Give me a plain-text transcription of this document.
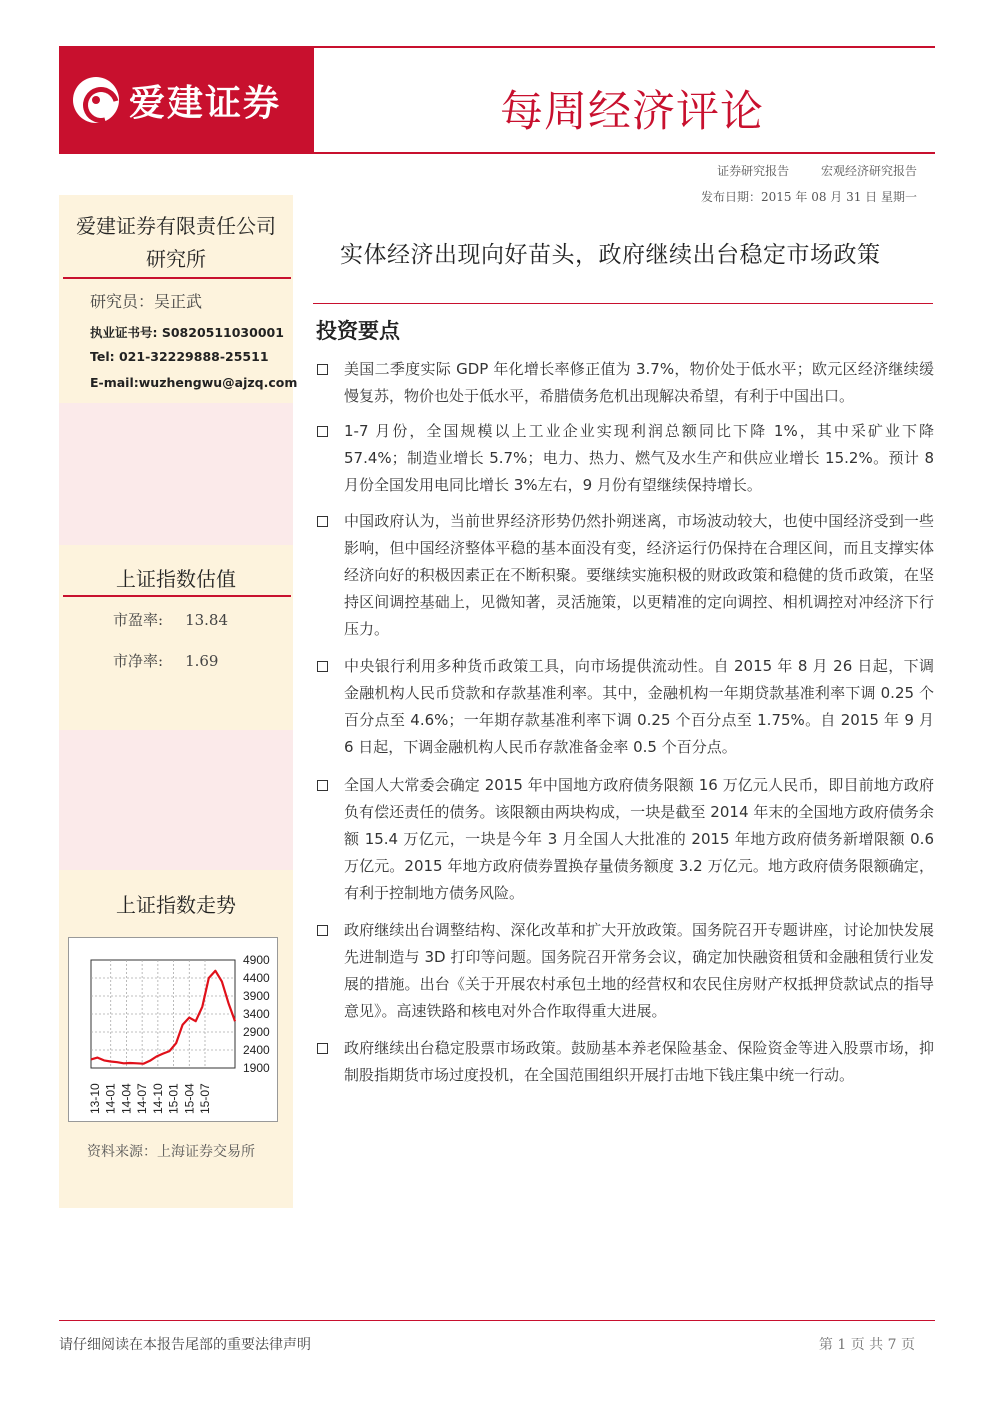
爱建证券	每周经济评论
证券研究报告	宏观经济研究报告
发布日期：2015 年 08 月 31 日 星期一
爱建证券有限责任公司
研究所
研究员：吴正武
执业证书号: S0820511030001
Tel: 021-32229888-25511
E-mail:wuzhengwu@ajzq.com
上证指数估值
市盈率: 13.84
市净率: 1.69
上证指数走势
4900
4400
3900
3400
2900
2400
1900
13-10 14-01 14-04 14-07 14-10 15-01 15-04 15-07
资料来源：上海证券交易所
实体经济出现向好苗头，政府继续出台稳定市场政策
投资要点

美国二季度实际 GDP 年化增长率修正值为 3.7%，物价处于低水平；欧元区经济继续缓慢复苏，物价也处于低水平，希腊债务危机出现解决希望，有利于中国出口。

1-7 月份，全国规模以上工业企业实现利润总额同比下降 1%，其中采矿业下降 57.4%；制造业增长 5.7%；电力、热力、燃气及水生产和供应业增长 15.2%。预计 8 月份全国发用电同比增长 3%左右，9 月份有望继续保持增长。

中国政府认为，当前世界经济形势仍然扑朔迷离，市场波动较大，也使中国经济受到一些影响，但中国经济整体平稳的基本面没有变，经济运行仍保持在合理区间，而且支撑实体经济向好的积极因素正在不断积聚。要继续实施积极的财政政策和稳健的货币政策，在坚持区间调控基础上，见微知著，灵活施策，以更精准的定向调控、相机调控对冲经济下行压力。

中央银行利用多种货币政策工具，向市场提供流动性。自 2015 年 8 月 26 日起，下调金融机构人民币贷款和存款基准利率。其中，金融机构一年期贷款基准利率下调 0.25 个百分点至 4.6%；一年期存款基准利率下调 0.25 个百分点至 1.75%。自 2015 年 9 月 6 日起，下调金融机构人民币存款准备金率 0.5 个百分点。

全国人大常委会确定 2015 年中国地方政府债务限额 16 万亿元人民币，即目前地方政府负有偿还责任的债务。该限额由两块构成，一块是截至 2014 年末的全国地方政府债务余额 15.4 万亿元，一块是今年 3 月全国人大批准的 2015 年地方政府债务新增限额 0.6 万亿元。2015 年地方政府债券置换存量债务额度 3.2 万亿元。地方政府债务限额确定，有利于控制地方债务风险。

政府继续出台调整结构、深化改革和扩大开放政策。国务院召开专题讲座，讨论加快发展先进制造与 3D 打印等问题。国务院召开常务会议，确定加快融资租赁和金融租赁行业发展的措施。出台《关于开展农村承包土地的经营权和农民住房财产权抵押贷款试点的指导意见》。高速铁路和核电对外合作取得重大进展。

政府继续出台稳定股票市场政策。鼓励基本养老保险基金、保险资金等进入股票市场，抑制股指期货市场过度投机，在全国范围组织开展打击地下钱庄集中统一行动。

请仔细阅读在本报告尾部的重要法律声明	第 1 页 共 7 页
